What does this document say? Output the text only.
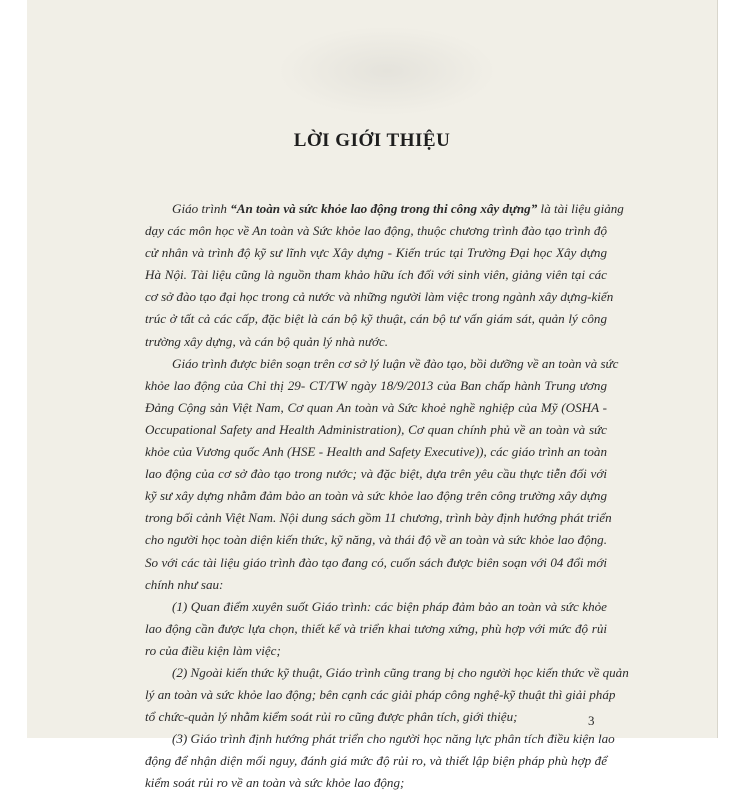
LỜI GIỚI THIỆU
Giáo trình “An toàn và sức khỏe lao động trong thi công xây dựng” là tài liệu giảng
dạy các môn học về An toàn và Sức khỏe lao động, thuộc chương trình đào tạo trình độ
cử nhân và trình độ kỹ sư lĩnh vực Xây dựng - Kiến trúc tại Trường Đại học Xây dựng
Hà Nội. Tài liệu cũng là nguồn tham khảo hữu ích đối với sinh viên, giảng viên tại các
cơ sở đào tạo đại học trong cả nước và những người làm việc trong ngành xây dựng-kiến
trúc ở tất cả các cấp, đặc biệt là cán bộ kỹ thuật, cán bộ tư vấn giám sát, quản lý công
trường xây dựng, và cán bộ quản lý nhà nước.
Giáo trình được biên soạn trên cơ sở lý luận về đào tạo, bồi dưỡng về an toàn và sức
khỏe lao động của Chỉ thị 29- CT/TW ngày 18/9/2013 của Ban chấp hành Trung ương
Đảng Cộng sản Việt Nam, Cơ quan An toàn và Sức khoẻ nghề nghiệp của Mỹ (OSHA -
Occupational Safety and Health Administration), Cơ quan chính phủ về an toàn và sức
khỏe của Vương quốc Anh (HSE - Health and Safety Executive)), các giáo trình an toàn
lao động của cơ sở đào tạo trong nước; và đặc biệt, dựa trên yêu cầu thực tiễn đối với
kỹ sư xây dựng nhằm đảm bảo an toàn và sức khỏe lao động trên công trường xây dựng
trong bối cảnh Việt Nam. Nội dung sách gồm 11 chương, trình bày định hướng phát triển
cho người học toàn diện kiến thức, kỹ năng, và thái độ về an toàn và sức khỏe lao động.
So với các tài liệu giáo trình đào tạo đang có, cuốn sách được biên soạn với 04 đổi mới
chính như sau:
(1) Quan điểm xuyên suốt Giáo trình: các biện pháp đảm bảo an toàn và sức khỏe
lao động cần được lựa chọn, thiết kế và triển khai tương xứng, phù hợp với mức độ rủi
ro của điều kiện làm việc;
(2) Ngoài kiến thức kỹ thuật, Giáo trình cũng trang bị cho người học kiến thức về quản
lý an toàn và sức khỏe lao động; bên cạnh các giải pháp công nghệ-kỹ thuật thì giải pháp
tổ chức-quản lý nhằm kiểm soát rủi ro cũng được phân tích, giới thiệu;
(3) Giáo trình định hướng phát triển cho người học năng lực phân tích điều kiện lao
động để nhận diện mối nguy, đánh giá mức độ rủi ro, và thiết lập biện pháp phù hợp để
kiểm soát rủi ro về an toàn và sức khỏe lao động;
3
